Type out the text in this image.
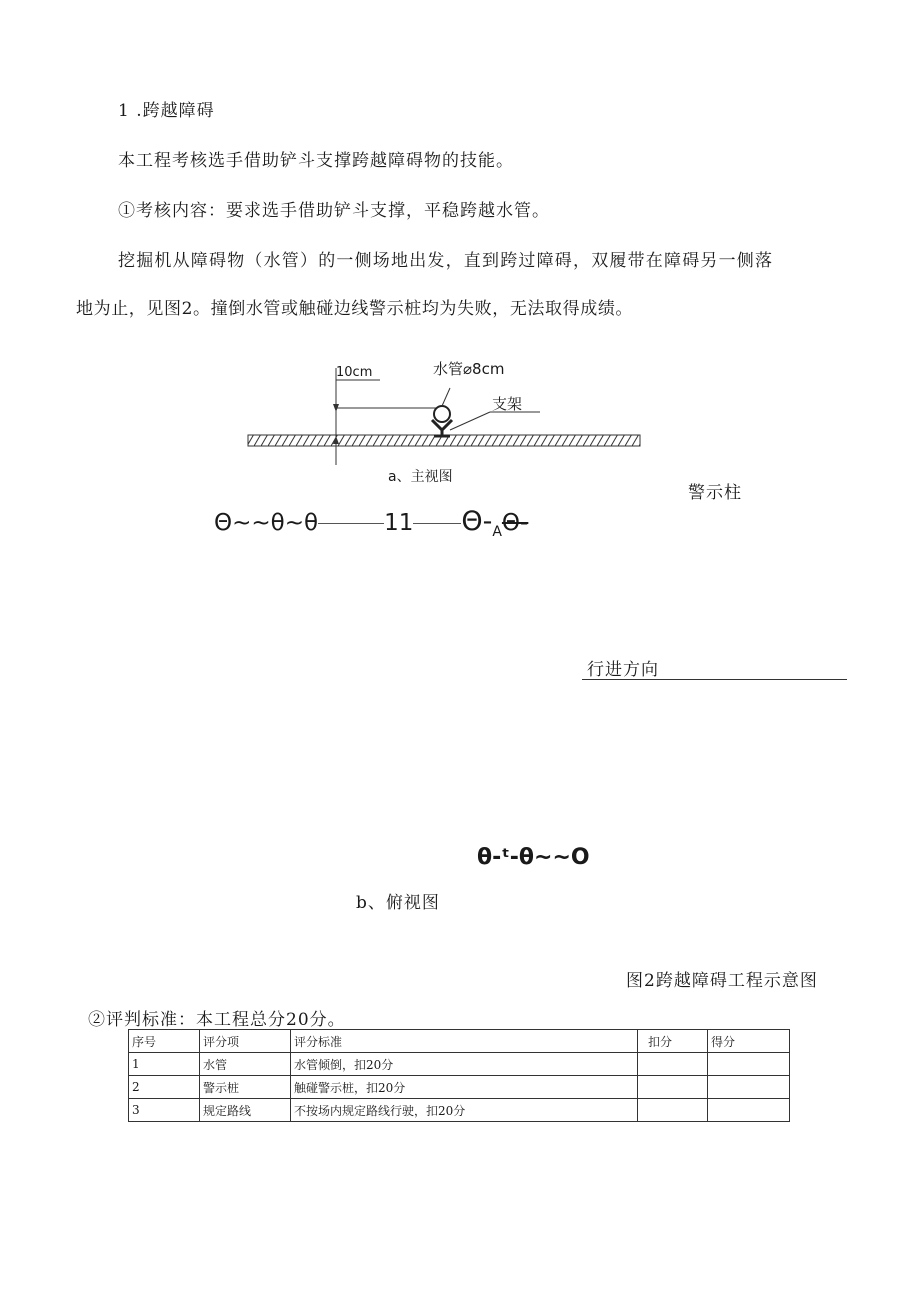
1 .跨越障碍
本工程考核选手借助铲斗支撑跨越障碍物的技能。
①考核内容：要求选手借助铲斗支撑，平稳跨越水管。
挖掘机从障碍物（水管）的一侧场地出发，直到跨过障碍，双履带在障碍另一侧落
地为止，见图2。撞倒水管或触碰边线警示桩均为失败，无法取得成绩。
10cm	水管⌀8cm
支架
a、主视图
警示柱
Θ~~θ~θ	11 $\Theta-_A\Theta-$
行进方向
θ-ᵗ-θ~~O
b、俯视图
图2跨越障碍工程示意图
②评判标准：本工程总分20分。
序号	评分项	评分标准	扣分	得分
1	水管	水管倾倒，扣20分		
2	警示桩	触碰警示桩，扣20分		
3	规定路线	不按场内规定路线行驶，扣20分		
